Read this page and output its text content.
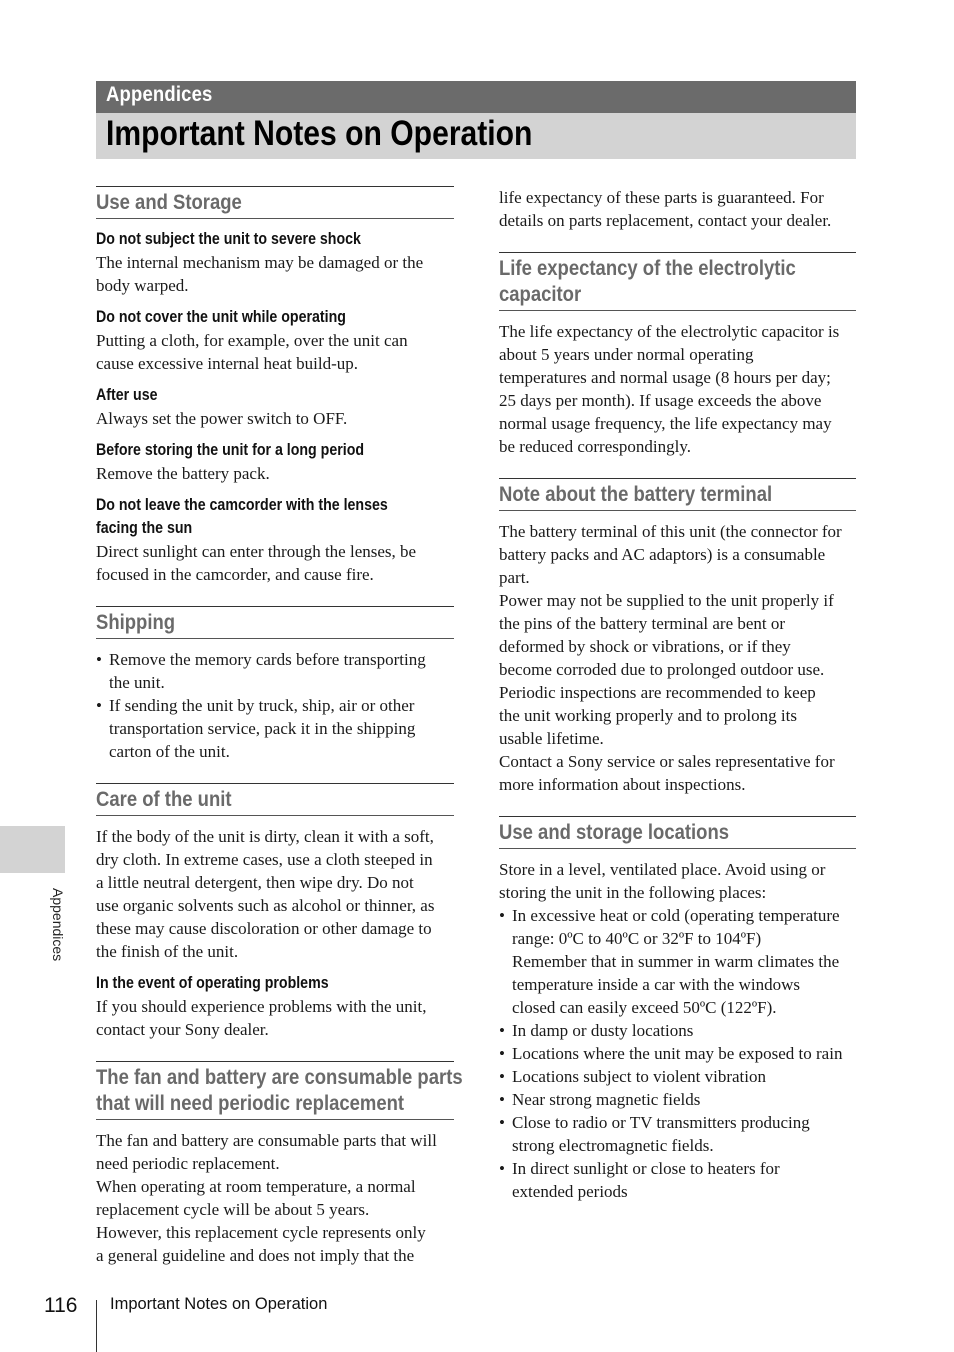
Appendices
Important Notes on Operation
Use and Storage

Do not subject the unit to severe shock

The internal mechanism may be damaged or the

body warped.

Do not cover the unit while operating

Putting a cloth, for example, over the unit can

cause excessive internal heat build-up.

After use

Always set the power switch to OFF.

Before storing the unit for a long period

Remove the battery pack.

Do not leave the camcorder with the lenses

facing the sun

Direct sunlight can enter through the lenses, be

focused in the camcorder, and cause fire.

Shipping
• Remove the memory cards before transporting
the unit.
• If sending the unit by truck, ship, air or other
transportation service, pack it in the shipping
carton of the unit.
Care of the unit

If the body of the unit is dirty, clean it with a soft,

dry cloth. In extreme cases, use a cloth steeped in

a little neutral detergent, then wipe dry. Do not

use organic solvents such as alcohol or thinner, as

these may cause discoloration or other damage to

the finish of the unit.

In the event of operating problems

If you should experience problems with the unit,

contact your Sony dealer.

The fan and battery are consumable parts
that will need periodic replacement

The fan and battery are consumable parts that will

need periodic replacement.

When operating at room temperature, a normal

replacement cycle will be about 5 years.

However, this replacement cycle represents only

a general guideline and does not imply that the

life expectancy of these parts is guaranteed. For

details on parts replacement, contact your dealer.

Life expectancy of the electrolytic
capacitor

The life expectancy of the electrolytic capacitor is

about 5 years under normal operating

temperatures and normal usage (8 hours per day;

25 days per month). If usage exceeds the above

normal usage frequency, the life expectancy may

be reduced correspondingly.

Note about the battery terminal

The battery terminal of this unit (the connector for

battery packs and AC adaptors) is a consumable

part.

Power may not be supplied to the unit properly if

the pins of the battery terminal are bent or

deformed by shock or vibrations, or if they

become corroded due to prolonged outdoor use.

Periodic inspections are recommended to keep

the unit working properly and to prolong its

usable lifetime.

Contact a Sony service or sales representative for

more information about inspections.

Use and storage locations

Store in a level, ventilated place. Avoid using or

storing the unit in the following places:

• In excessive heat or cold (operating temperature
range: 0ºC to 40ºC or 32ºF to 104ºF)
Remember that in summer in warm climates the
temperature inside a car with the windows
closed can easily exceed 50ºC (122ºF).
• In damp or dusty locations
• Locations where the unit may be exposed to rain
• Locations subject to violent vibration
• Near strong magnetic fields
• Close to radio or TV transmitters producing
strong electromagnetic fields.
• In direct sunlight or close to heaters for
extended periods
Appendices
116 Important Notes on Operation
